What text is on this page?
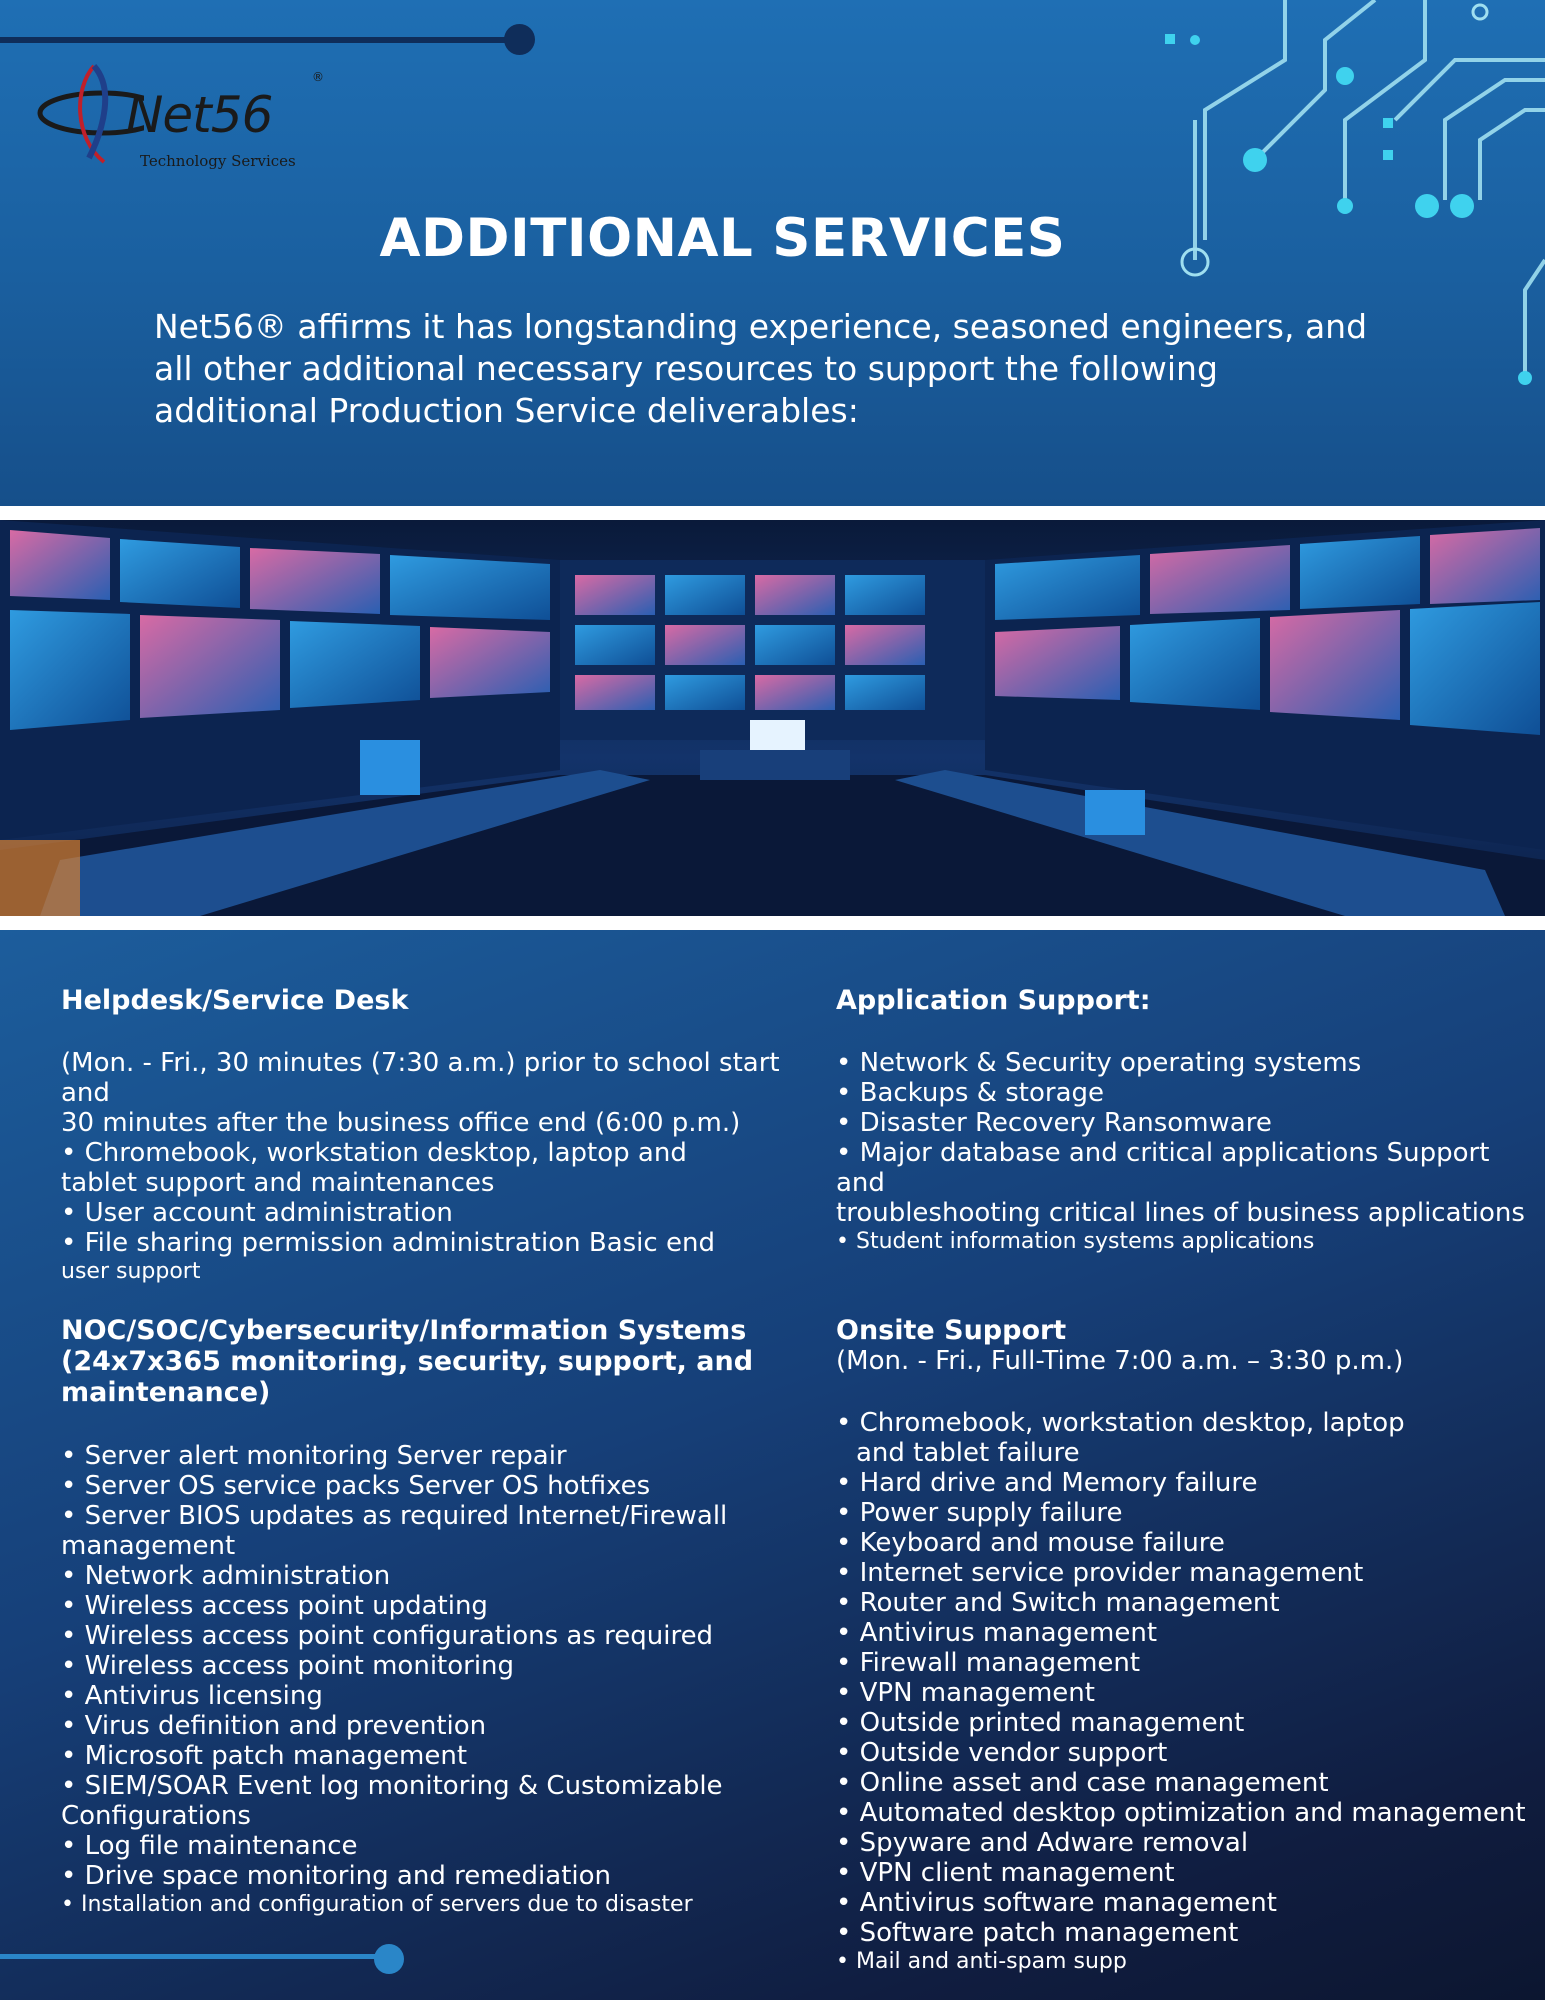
Net56
®
Technology Services
ADDITIONAL SERVICES
Net56® affirms it has longstanding experience, seasoned engineers, and
all other additional necessary resources to support the following
additional Production Service deliverables:

Helpdesk/Service Desk

(Mon. - Fri., 30 minutes (7:30 a.m.) prior to school start and

30 minutes after the business office end (6:00 p.m.)

• Chromebook, workstation desktop, laptop and

tablet support and maintenances

• User account administration

• File sharing permission administration Basic end

user support

NOC/SOC/Cybersecurity/Information Systems

(24x7x365 monitoring, security, support, and

maintenance)

• Server alert monitoring Server repair

• Server OS service packs Server OS hotfixes

• Server BIOS updates as required Internet/Firewall

management

• Network administration

• Wireless access point updating

• Wireless access point configurations as required

• Wireless access point monitoring

• Antivirus licensing

• Virus definition and prevention

• Microsoft patch management

• SIEM/SOAR Event log monitoring & Customizable

Configurations

• Log file maintenance

• Drive space monitoring and remediation

• Installation and configuration of servers due to disaster

Application Support:

• Network & Security operating systems

• Backups & storage

• Disaster Recovery Ransomware

• Major database and critical applications Support and

troubleshooting critical lines of business applications

• Student information systems applications

Onsite Support

(Mon. - Fri., Full-Time 7:00 a.m. – 3:30 p.m.)

• Chromebook, workstation desktop, laptop

and tablet failure

• Hard drive and Memory failure

• Power supply failure

• Keyboard and mouse failure

• Internet service provider management

• Router and Switch management

• Antivirus management

• Firewall management

• VPN management

• Outside printed management

• Outside vendor support

• Online asset and case management

• Automated desktop optimization and management

• Spyware and Adware removal

• VPN client management

• Antivirus software management

• Software patch management

• Mail and anti-spam supp
